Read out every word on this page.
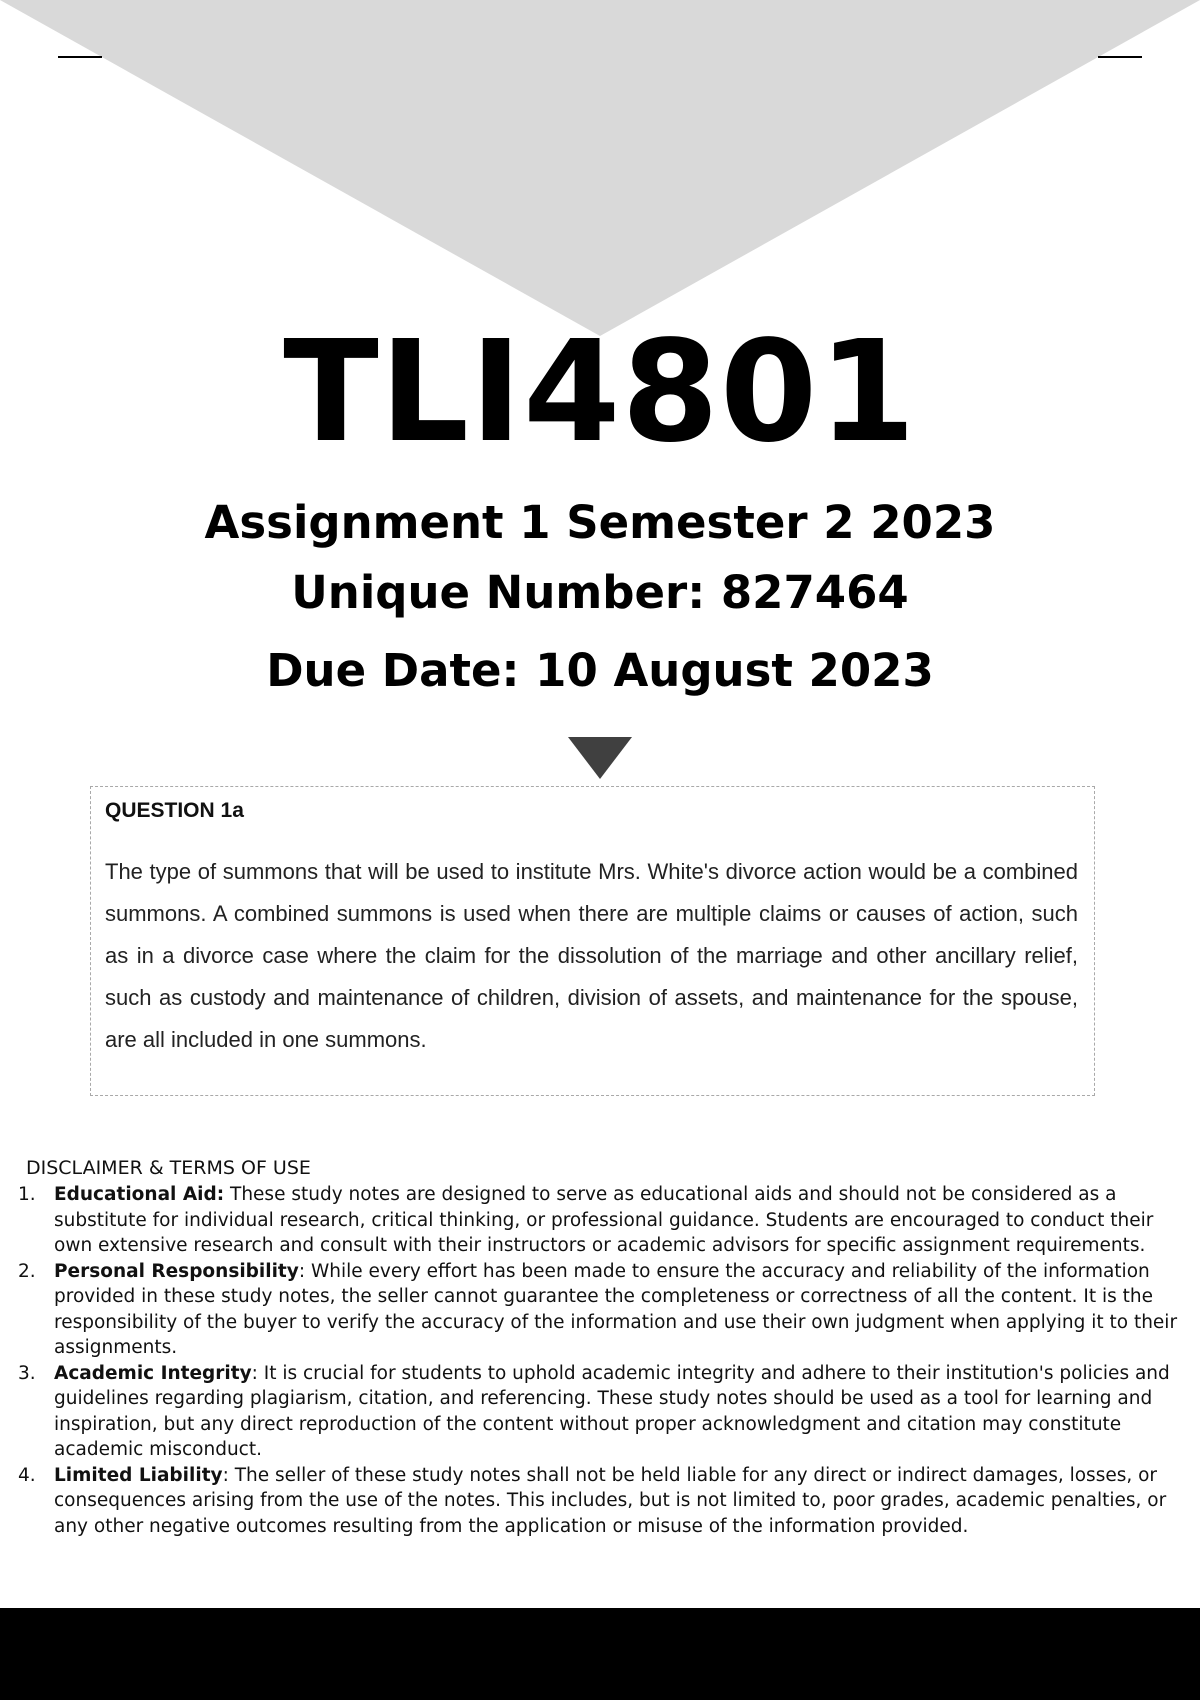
TLI4801
Assignment 1 Semester 2 2023
Unique Number: 827464
Due Date: 10 August 2023
QUESTION 1a
The type of summons that will be used to institute Mrs. White's divorce action would be a combined summons. A combined summons is used when there are multiple claims or causes of action, such as in a divorce case where the claim for the dissolution of the marriage and other ancillary relief, such as custody and maintenance of children, division of assets, and maintenance for the spouse, are all included in one summons.
DISCLAIMER & TERMS OF USE
1. Educational Aid: These study notes are designed to serve as educational aids and should not be considered as a substitute for individual research, critical thinking, or professional guidance. Students are encouraged to conduct their own extensive research and consult with their instructors or academic advisors for specific assignment requirements.
2. Personal Responsibility: While every effort has been made to ensure the accuracy and reliability of the information provided in these study notes, the seller cannot guarantee the completeness or correctness of all the content. It is the responsibility of the buyer to verify the accuracy of the information and use their own judgment when applying it to their assignments.
3. Academic Integrity: It is crucial for students to uphold academic integrity and adhere to their institution's policies and guidelines regarding plagiarism, citation, and referencing. These study notes should be used as a tool for learning and inspiration, but any direct reproduction of the content without proper acknowledgment and citation may constitute academic misconduct.
4. Limited Liability: The seller of these study notes shall not be held liable for any direct or indirect damages, losses, or consequences arising from the use of the notes. This includes, but is not limited to, poor grades, academic penalties, or any other negative outcomes resulting from the application or misuse of the information provided.
